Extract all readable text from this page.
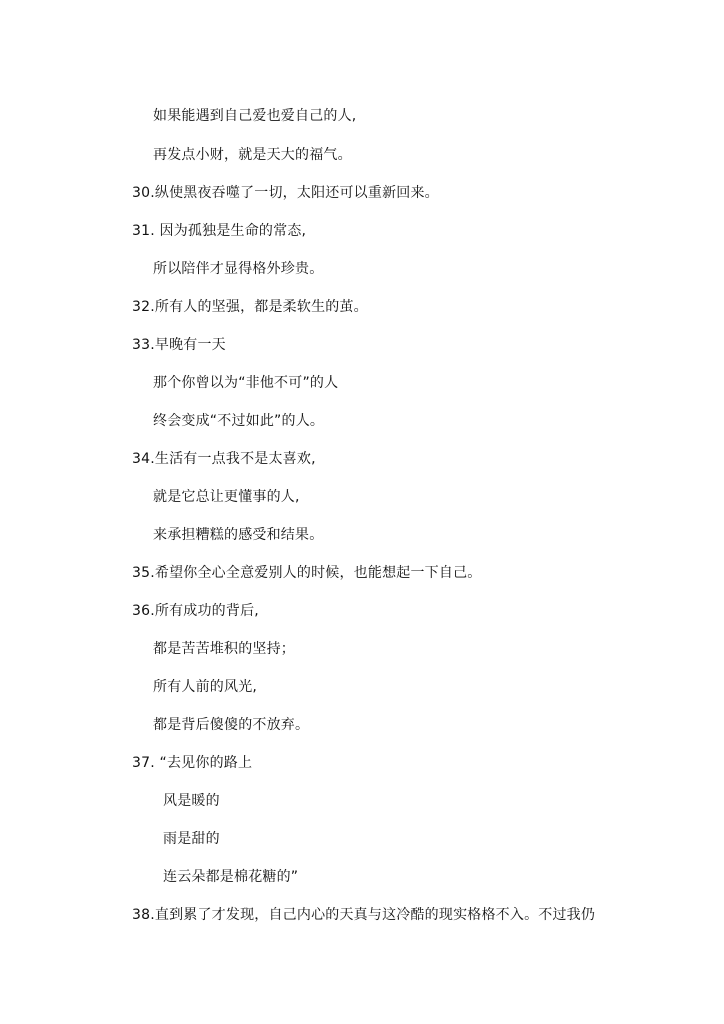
如果能遇到自己爱也爱自己的人,
再发点小财，就是天大的福气。
30.纵使黑夜吞噬了一切，太阳还可以重新回来。
31. 因为孤独是生命的常态,
所以陪伴才显得格外珍贵。
32.所有人的坚强，都是柔软生的茧。
33.早晚有一天
那个你曾以为“非他不可”的人
终会变成“不过如此”的人。
34.生活有一点我不是太喜欢,
就是它总让更懂事的人,
来承担糟糕的感受和结果。
35.希望你全心全意爱别人的时候，也能想起一下自己。
36.所有成功的背后,
都是苦苦堆积的坚持；
所有人前的风光,
都是背后傻傻的不放弃。
37. “去见你的路上
风是暖的
雨是甜的
连云朵都是棉花糖的”
38.直到累了才发现，自己内心的天真与这冷酷的现实格格不入。不过我仍
